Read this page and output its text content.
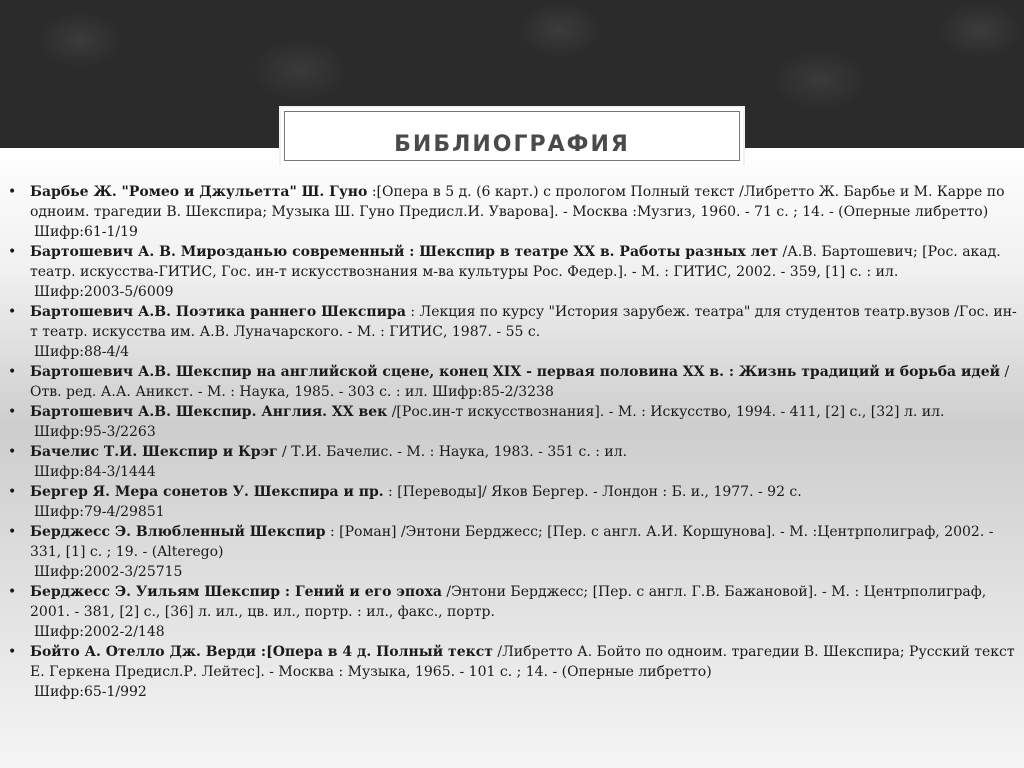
БИБЛИОГРАФИЯ
• Барбье Ж. "Ромео и Джульетта" Ш. Гуно :[Опера в 5 д. (6 карт.) с прологом Полный текст /Либретто Ж. Барбье и М. Карре по одноим. трагедии В. Шекспира; Музыка Ш. Гуно Предисл.И. Уварова]. - Москва :Музгиз, 1960. - 71 с. ; 14. - (Оперные либретто)
Шифр:61-1/19
• Бартошевич А. В. Мирозданью современный : Шекспир в театре XX в. Работы разных лет /А.В. Бартошевич; [Рос. акад. театр. искусства-ГИТИС, Гос. ин-т искусствознания м-ва культуры Рос. Федер.]. - М. : ГИТИС, 2002. - 359, [1] с. : ил.
Шифр:2003-5/6009
• Бартошевич А.В. Поэтика раннего Шекспира : Лекция по курсу "История зарубеж. театра" для студентов театр.вузов /Гос. ин-т театр. искусства им. А.В. Луначарского. - М. : ГИТИС, 1987. - 55 с.
Шифр:88-4/4
• Бартошевич А.В. Шекспир на английской сцене, конец XIX - первая половина XX в. : Жизнь традиций и борьба идей /Отв. ред. А.А. Аникст. - М. : Наука, 1985. - 303 с. : ил. Шифр:85-2/3238
• Бартошевич А.В. Шекспир. Англия. XX век /[Рос.ин-т искусствознания]. - М. : Искусство, 1994. - 411, [2] с., [32] л. ил.
Шифр:95-3/2263
• Бачелис Т.И. Шекспир и Крэг / Т.И. Бачелис. - М. : Наука, 1983. - 351 с. : ил.
Шифр:84-3/1444
• Бергер Я. Мера сонетов У. Шекспира и пр. : [Переводы]/ Яков Бергер. - Лондон : Б. и., 1977. - 92 с.
Шифр:79-4/29851
• Берджесс Э. Влюбленный Шекспир : [Роман] /Энтони Берджесс; [Пер. с англ. А.И. Коршунова]. - М. :Центрполиграф, 2002. - 331, [1] с. ; 19. - (Alterego)
Шифр:2002-3/25715
• Берджесс Э. Уильям Шекспир : Гений и его эпоха /Энтони Берджесс; [Пер. с англ. Г.В. Бажановой]. - М. : Центрполиграф, 2001. - 381, [2] с., [36] л. ил., цв. ил., портр. : ил., факс., портр.
Шифр:2002-2/148
• Бойто А. Отелло Дж. Верди :[Опера в 4 д. Полный текст /Либретто А. Бойто по одноим. трагедии В. Шекспира; Русский текст Е. Геркена Предисл.Р. Лейтес]. - Москва : Музыка, 1965. - 101 с. ; 14. - (Оперные либретто)
Шифр:65-1/992
